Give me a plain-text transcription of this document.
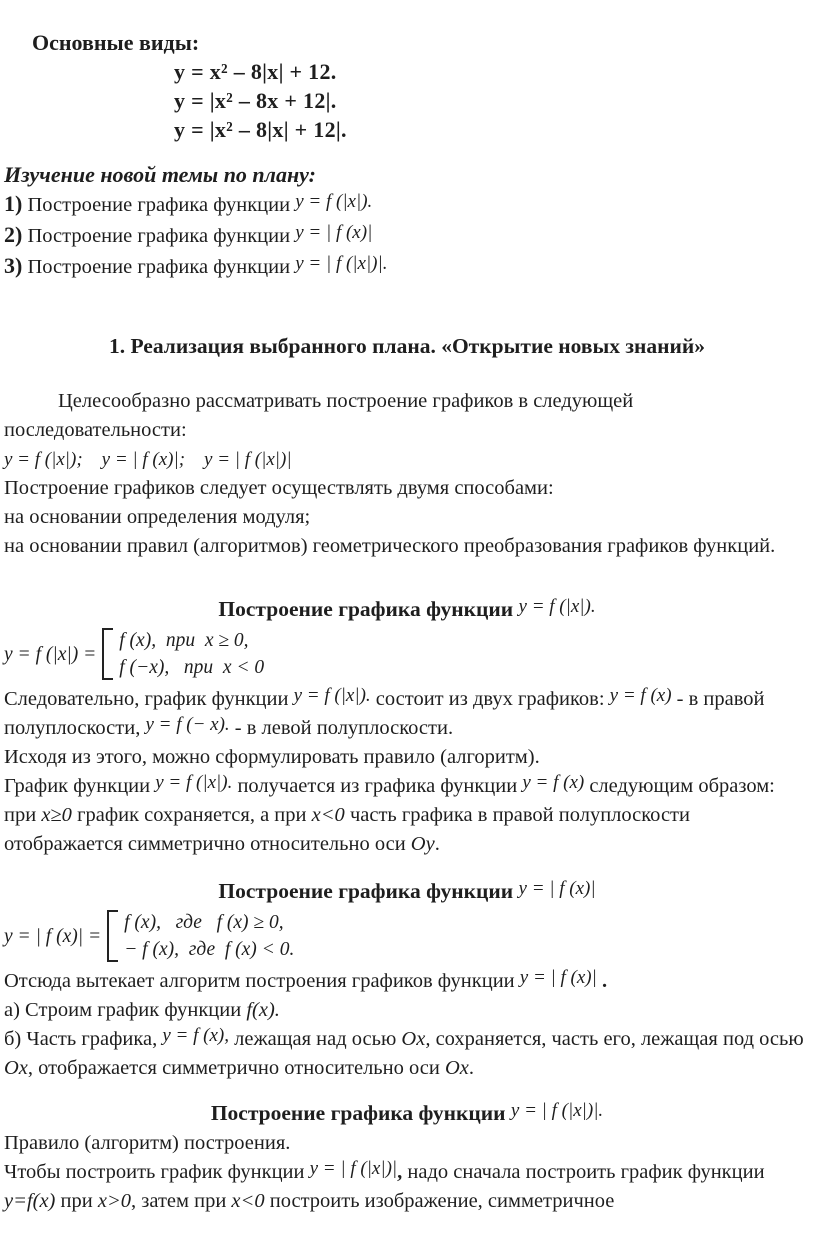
Основные виды:
y = x² – 8|x| + 12.
y = |x² – 8x + 12|.
y = |x² – 8|x| + 12|.
Изучение новой темы по плану:
1) Построение графика функции y = f (|x|).
2) Построение графика функции y = | f (x)|
3) Построение графика функции y = | f (|x|)|.
1. Реализация выбранного плана. «Открытие новых знаний»
Целесообразно рассматривать построение графиков в следующей последовательности:
y = f (|x|);    y = | f (x)|;    y = | f (|x|)|
Построение графиков следует осуществлять двумя способами:
на основании определения модуля;
на основании правил (алгоритмов) геометрического преобразования графиков функций.
Построение графика функции y = f (|x|).
y = f (|x|) =
f (x),  при  x ≥ 0,
f (−x),   при  x < 0
Следовательно, график функции y = f (|x|). состоит из двух графиков: y = f (x) - в правой полуплоскости, y = f (− x). - в левой полуплоскости.
Исходя из этого, можно сформулировать правило (алгоритм).
График функции y = f (|x|). получается из графика функции y = f (x) следующим образом: при x≥0 график сохраняется, а при x<0 часть графика в правой полуплоскости отображается симметрично относительно оси Oy.
Построение графика функции y = | f (x)|
y = | f (x)| =
f (x),   где   f (x) ≥ 0,
− f (x),  где  f (x) < 0.
Отсюда вытекает алгоритм построения графиков функции y = | f (x)| .
а) Строим график функции f(x).
б) Часть графика, y = f (x), лежащая над осью Ox, сохраняется, часть его, лежащая под осью Ox, отображается симметрично относительно оси Ox.
Построение графика функции y = | f (|x|)|.
Правило (алгоритм) построения.
Чтобы построить график функции y = | f (|x|)|, надо сначала построить график функции y=f(x) при x>0, затем при x<0 построить изображение, симметричное
